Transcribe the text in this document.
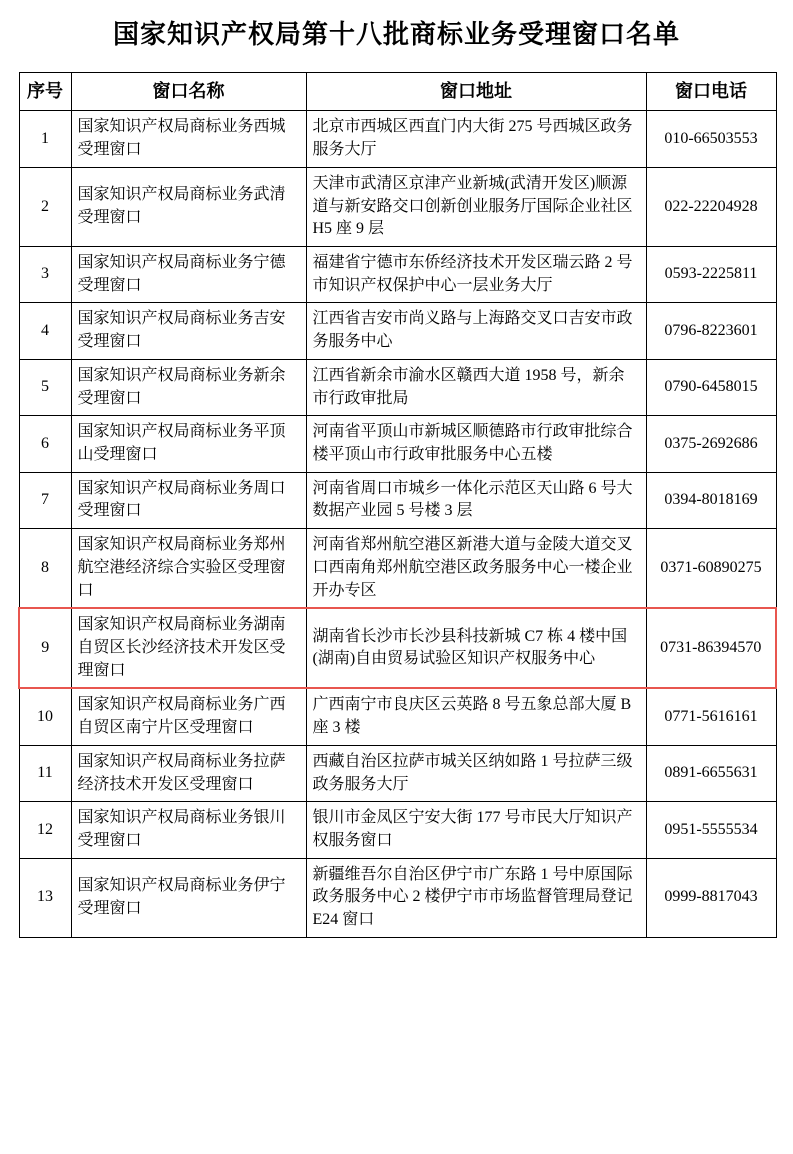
国家知识产权局第十八批商标业务受理窗口名单
序号	窗口名称	窗口地址	窗口电话
1	国家知识产权局商标业务西城受理窗口	北京市西城区西直门内大街 275 号西城区政务服务大厅	010-66503553
2	国家知识产权局商标业务武清受理窗口	天津市武清区京津产业新城(武清开发区)顺源道与新安路交口创新创业服务厅国际企业社区 H5 座 9 层	022-22204928
3	国家知识产权局商标业务宁德受理窗口	福建省宁德市东侨经济技术开发区瑞云路 2 号市知识产权保护中心一层业务大厅	0593-2225811
4	国家知识产权局商标业务吉安受理窗口	江西省吉安市尚义路与上海路交叉口吉安市政务服务中心	0796-8223601
5	国家知识产权局商标业务新余受理窗口	江西省新余市渝水区赣西大道 1958 号，新余市行政审批局	0790-6458015
6	国家知识产权局商标业务平顶山受理窗口	河南省平顶山市新城区顺德路市行政审批综合楼平顶山市行政审批服务中心五楼	0375-2692686
7	国家知识产权局商标业务周口受理窗口	河南省周口市城乡一体化示范区天山路 6 号大数据产业园 5 号楼 3 层	0394-8018169
8	国家知识产权局商标业务郑州航空港经济综合实验区受理窗口	河南省郑州航空港区新港大道与金陵大道交叉口西南角郑州航空港区政务服务中心一楼企业开办专区	0371-60890275
9	国家知识产权局商标业务湖南自贸区长沙经济技术开发区受理窗口	湖南省长沙市长沙县科技新城 C7 栋 4 楼中国(湖南)自由贸易试验区知识产权服务中心	0731-86394570
10	国家知识产权局商标业务广西自贸区南宁片区受理窗口	广西南宁市良庆区云英路 8 号五象总部大厦 B 座 3 楼	0771-5616161
11	国家知识产权局商标业务拉萨经济技术开发区受理窗口	西藏自治区拉萨市城关区纳如路 1 号拉萨三级政务服务大厅	0891-6655631
12	国家知识产权局商标业务银川受理窗口	银川市金凤区宁安大街 177 号市民大厅知识产权服务窗口	0951-5555534
13	国家知识产权局商标业务伊宁受理窗口	新疆维吾尔自治区伊宁市广东路 1 号中原国际政务服务中心 2 楼伊宁市市场监督管理局登记 E24 窗口	0999-8817043
